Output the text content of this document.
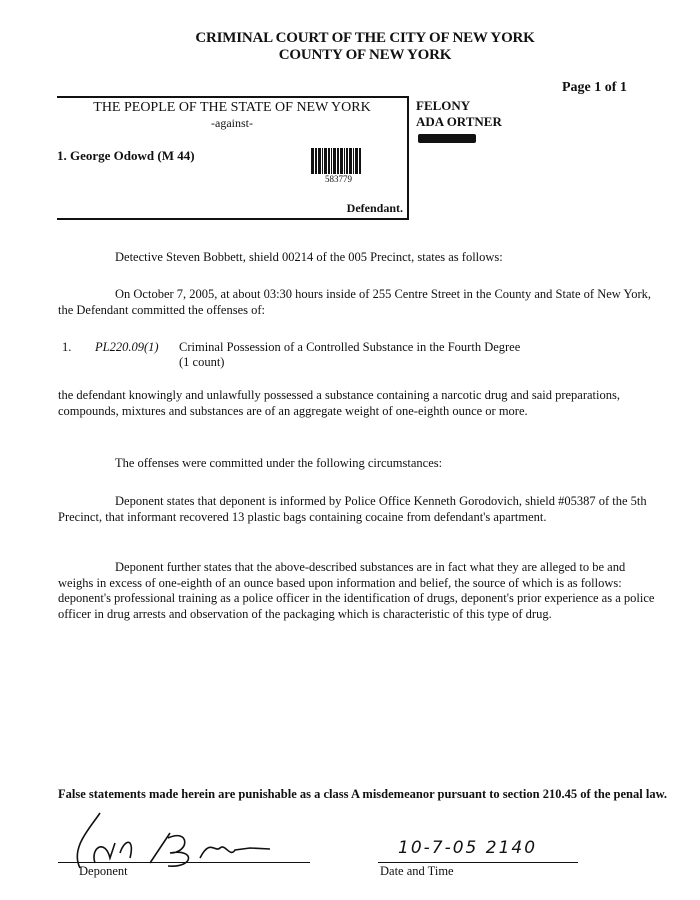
CRIMINAL COURT OF THE CITY OF NEW YORK
COUNTY OF NEW YORK
Page 1 of 1
THE PEOPLE OF THE STATE OF NEW YORK
-against-
1. George Odowd (M 44)
583779
Defendant.
FELONY
ADA ORTNER
Detective Steven Bobbett, shield 00214 of the 005 Precinct, states as follows:
On October 7, 2005, at about 03:30 hours inside of 255 Centre Street in the County and State of New York, the Defendant committed the offenses of:
1. PL220.09(1) Criminal Possession of a Controlled Substance in the Fourth Degree
(1 count)
the defendant knowingly and unlawfully possessed a substance containing a narcotic drug and said preparations, compounds, mixtures and substances are of an aggregate weight of one-eighth ounce or more.
The offenses were committed under the following circumstances:
Deponent states that deponent is informed by Police Office Kenneth Gorodovich, shield #05387 of the 5th Precinct, that informant recovered 13 plastic bags containing cocaine from defendant's apartment.
Deponent further states that the above-described substances are in fact what they are alleged to be and weighs in excess of one-eighth of an ounce based upon information and belief, the source of which is as follows: deponent's professional training as a police officer in the identification of drugs, deponent's prior experience as a police officer in drug arrests and observation of the packaging which is characteristic of this type of drug.
False statements made herein are punishable as a class A misdemeanor pursuant to section 210.45 of the penal law.
10-7-05 2140
Deponent	Date and Time
